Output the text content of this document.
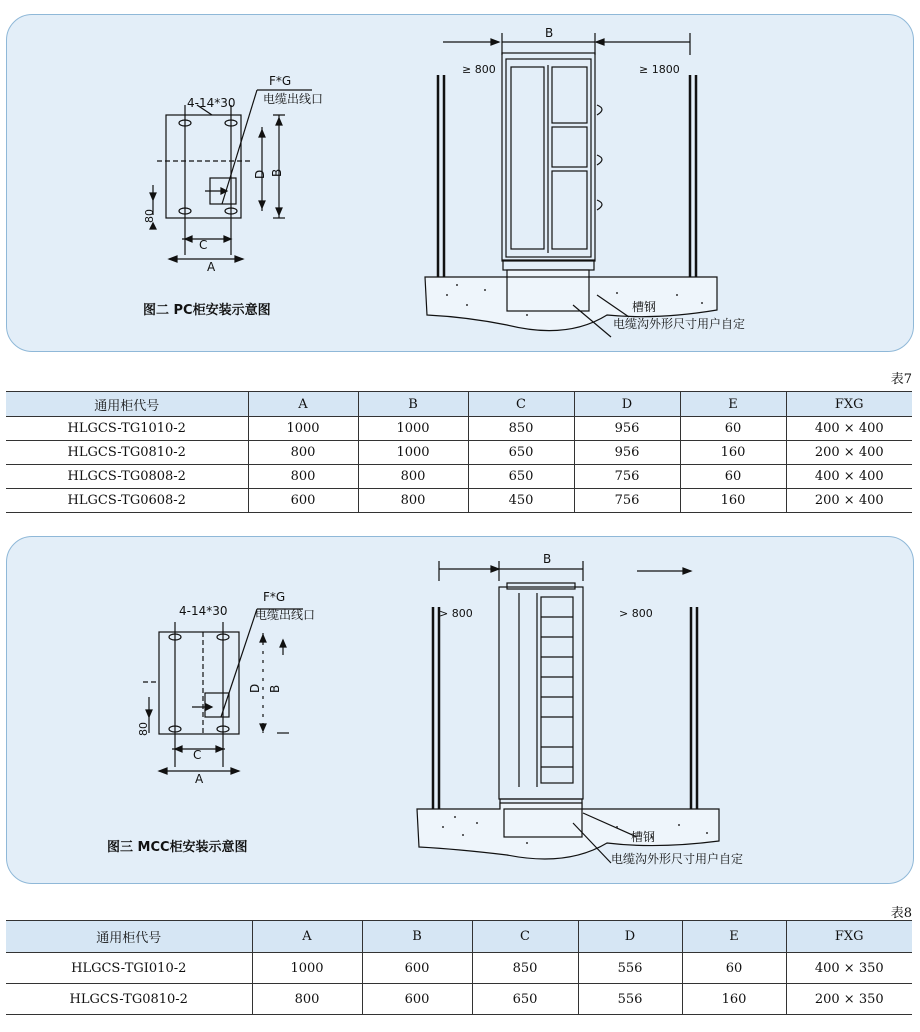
4-14*30
F*G
电缆出线口
C
A
D B
80
≥ 800	≥ 1800
B
槽钢
电缆沟外形尺寸用户自定
图二 PC柜安装示意图
表7
通用柜代号	A	B	C	D	E	FXG
HLGCS-TG1010-2	1000	1000	850	956	60	400 × 400
HLGCS-TG0810-2	800	1000	650	956	160	200 × 400
HLGCS-TG0808-2	800	800	650	756	60	400 × 400
HLGCS-TG0608-2	600	800	450	756	160	200 × 400
4-14*30
F*G
电缆出线口
C
A
D B
80
> 800	> 800
B
槽钢
电缆沟外形尺寸用户自定
图三 MCC柜安装示意图
表8
通用柜代号	A	B	C	D	E	FXG
HLGCS-TGI010-2	1000	600	850	556	60	400 × 350
HLGCS-TG0810-2	800	600	650	556	160	200 × 350
